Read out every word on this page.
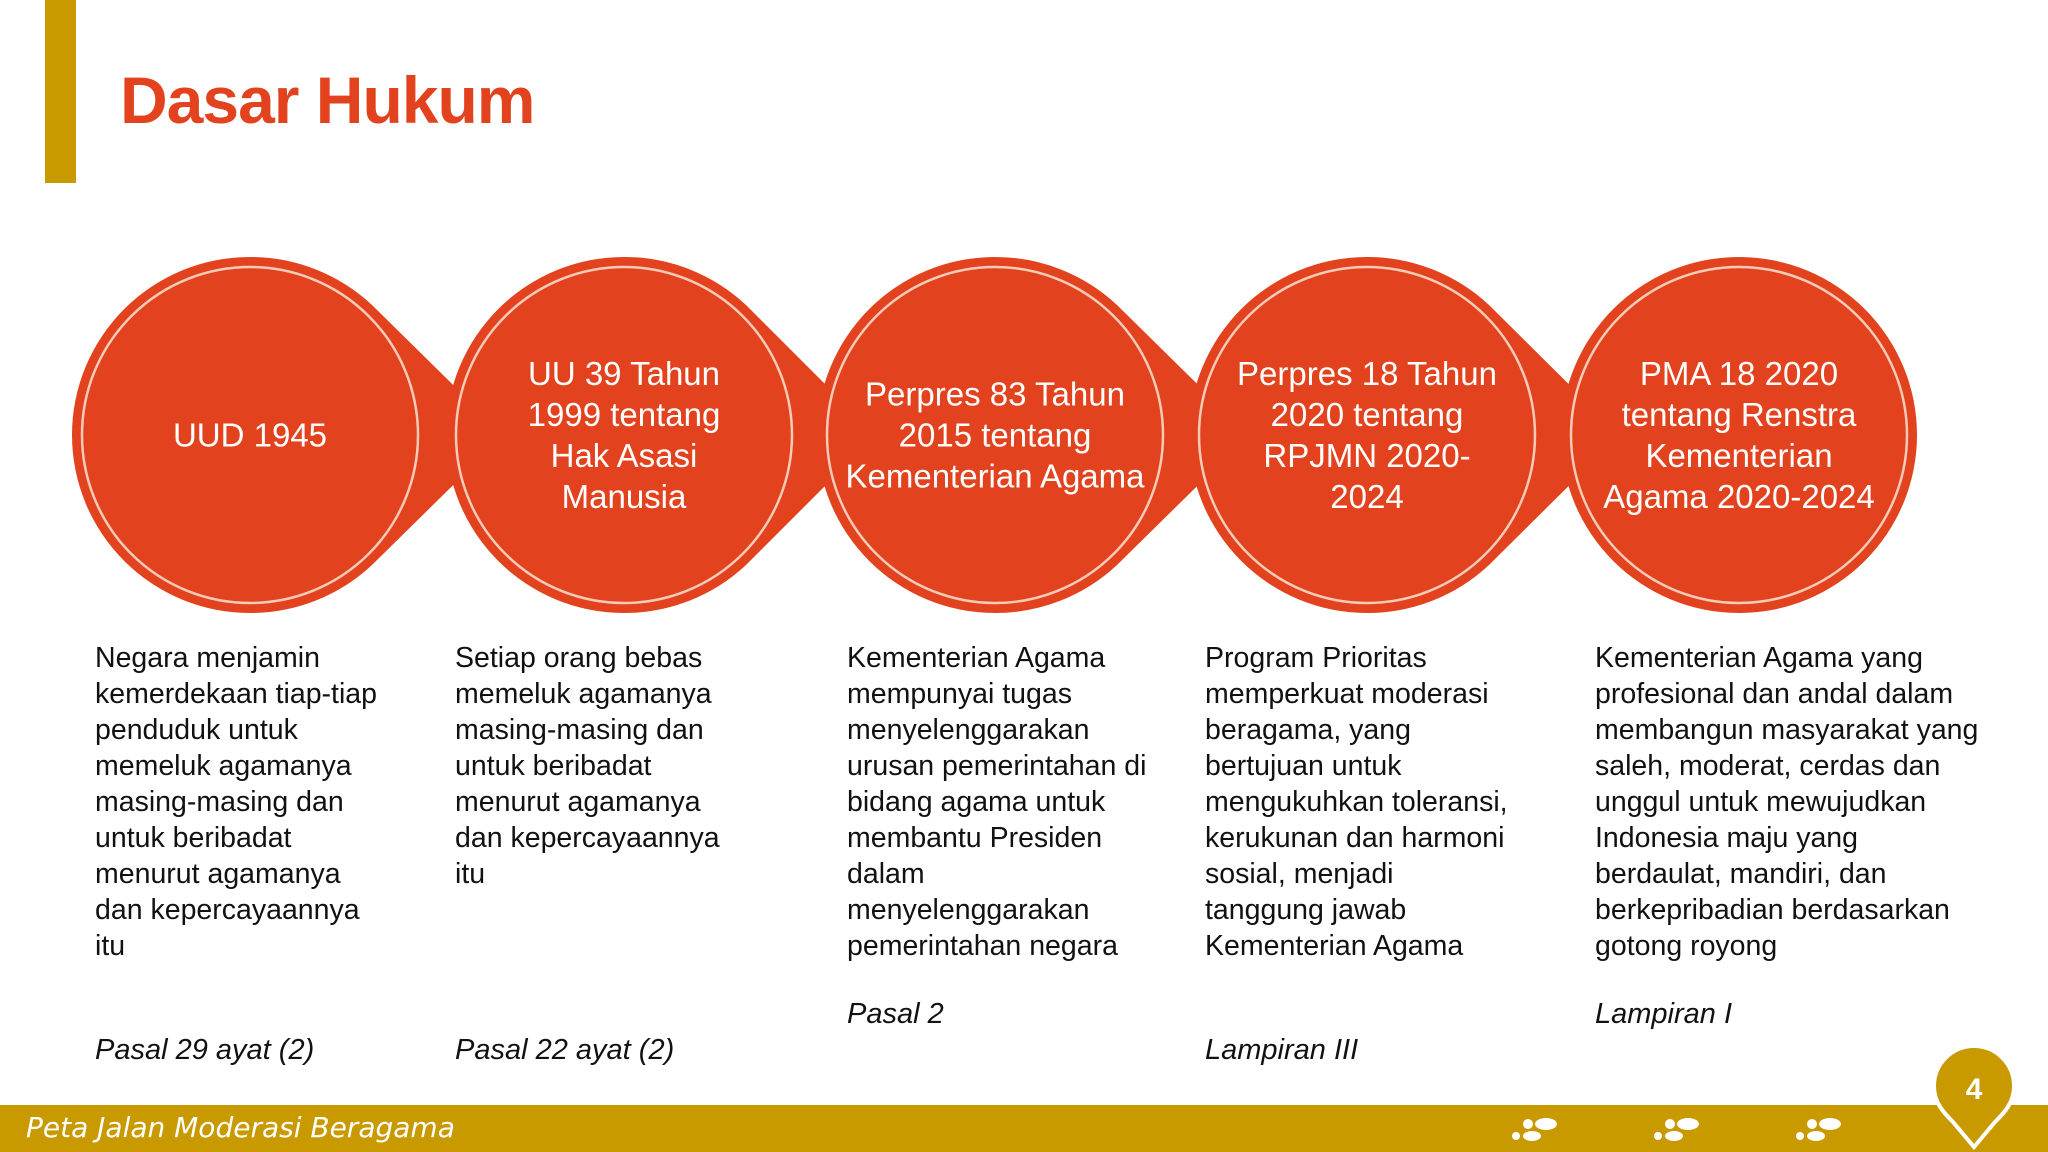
Dasar Hukum
UUD 1945
UU 39 Tahun 1999 tentang Hak Asasi Manusia
Perpres 83 Tahun 2015 tentang Kementerian Agama
Perpres 18 Tahun 2020 tentang RPJMN 2020-2024
PMA 18 2020 tentang Renstra Kementerian Agama 2020-2024

Negara menjamin kemerdekaan tiap-tiap penduduk untuk memeluk agamanya masing-masing dan untuk beribadat menurut agamanya dan kepercayaannya itu

Setiap orang bebas memeluk agamanya masing-masing dan untuk beribadat menurut agamanya dan kepercayaannya itu

Kementerian Agama mempunyai tugas menyelenggarakan urusan pemerintahan di bidang agama untuk membantu Presiden dalam menyelenggarakan pemerintahan negara

Program Prioritas memperkuat moderasi beragama, yang bertujuan untuk mengukuhkan toleransi, kerukunan dan harmoni sosial, menjadi tanggung jawab Kementerian Agama

Kementerian Agama yang profesional dan andal dalam membangun masyarakat yang saleh, moderat, cerdas dan unggul untuk mewujudkan Indonesia maju yang berdaulat, mandiri, dan berkepribadian berdasarkan gotong royong

Pasal 29 ayat (2)	Pasal 22 ayat (2)
Pasal 2
Lampiran III
Lampiran I
Peta Jalan Moderasi Beragama
4
